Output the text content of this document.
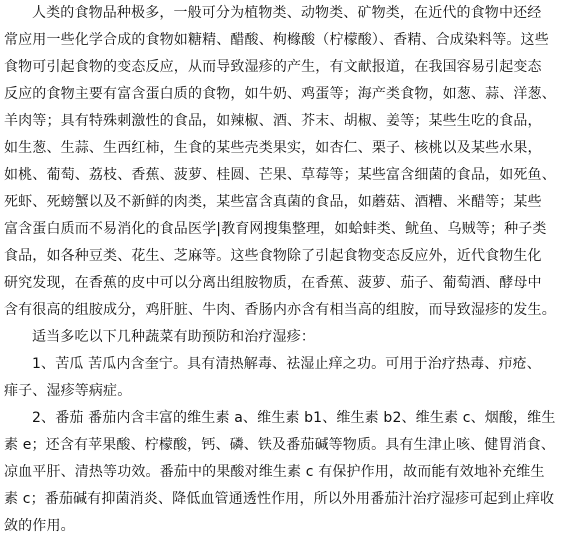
人类的食物品种极多，一般可分为植物类、动物类、矿物类，在近代的食物中还经
常应用一些化学合成的食物如糖精、醋酸、枸橼酸（柠檬酸）、香精、合成染料等。这些
食物可引起食物的变态反应，从而导致湿疹的产生，有文献报道，在我国容易引起变态
反应的食物主要有富含蛋白质的食物，如牛奶、鸡蛋等；海产类食物，如葱、蒜、洋葱、
羊肉等；具有特殊刺激性的食品，如辣椒、酒、芥末、胡椒、姜等；某些生吃的食品，
如生葱、生蒜、生西红柿，生食的某些壳类果实，如杏仁、栗子、核桃以及某些水果，
如桃、葡萄、荔枝、香蕉、菠萝、桂圆、芒果、草莓等；某些富含细菌的食品，如死鱼、
死虾、死螃蟹以及不新鲜的肉类，某些富含真菌的食品，如蘑菇、酒糟、米醋等；某些
富含蛋白质而不易消化的食品医学|教育网搜集整理，如蛤蚌类、鱿鱼、乌贼等；种子类
食品，如各种豆类、花生、芝麻等。这些食物除了引起食物变态反应外，近代食物生化
研究发现，在香蕉的皮中可以分离出组胺物质，在香蕉、菠萝、茄子、葡萄酒、酵母中
含有很高的组胺成分，鸡肝脏、牛肉、香肠内亦含有相当高的组胺，而导致湿疹的发生。
适当多吃以下几种蔬菜有助预防和治疗湿疹：
1、苦瓜 苦瓜内含奎宁。具有清热解毒、祛湿止痒之功。可用于治疗热毒、疖疮、
痱子、湿疹等病症。
2、番茄 番茄内含丰富的维生素 a、维生素 b1、维生素 b2、维生素 c、烟酸，维生
素 e；还含有苹果酸、柠檬酸，钙、磷、铁及番茄碱等物质。具有生津止咳、健胃消食、
凉血平肝、清热等功效。番茄中的果酸对维生素 c 有保护作用，故而能有效地补充维生
素 c；番茄碱有抑菌消炎、降低血管通透性作用，所以外用番茄汁治疗湿疹可起到止痒收
敛的作用。
